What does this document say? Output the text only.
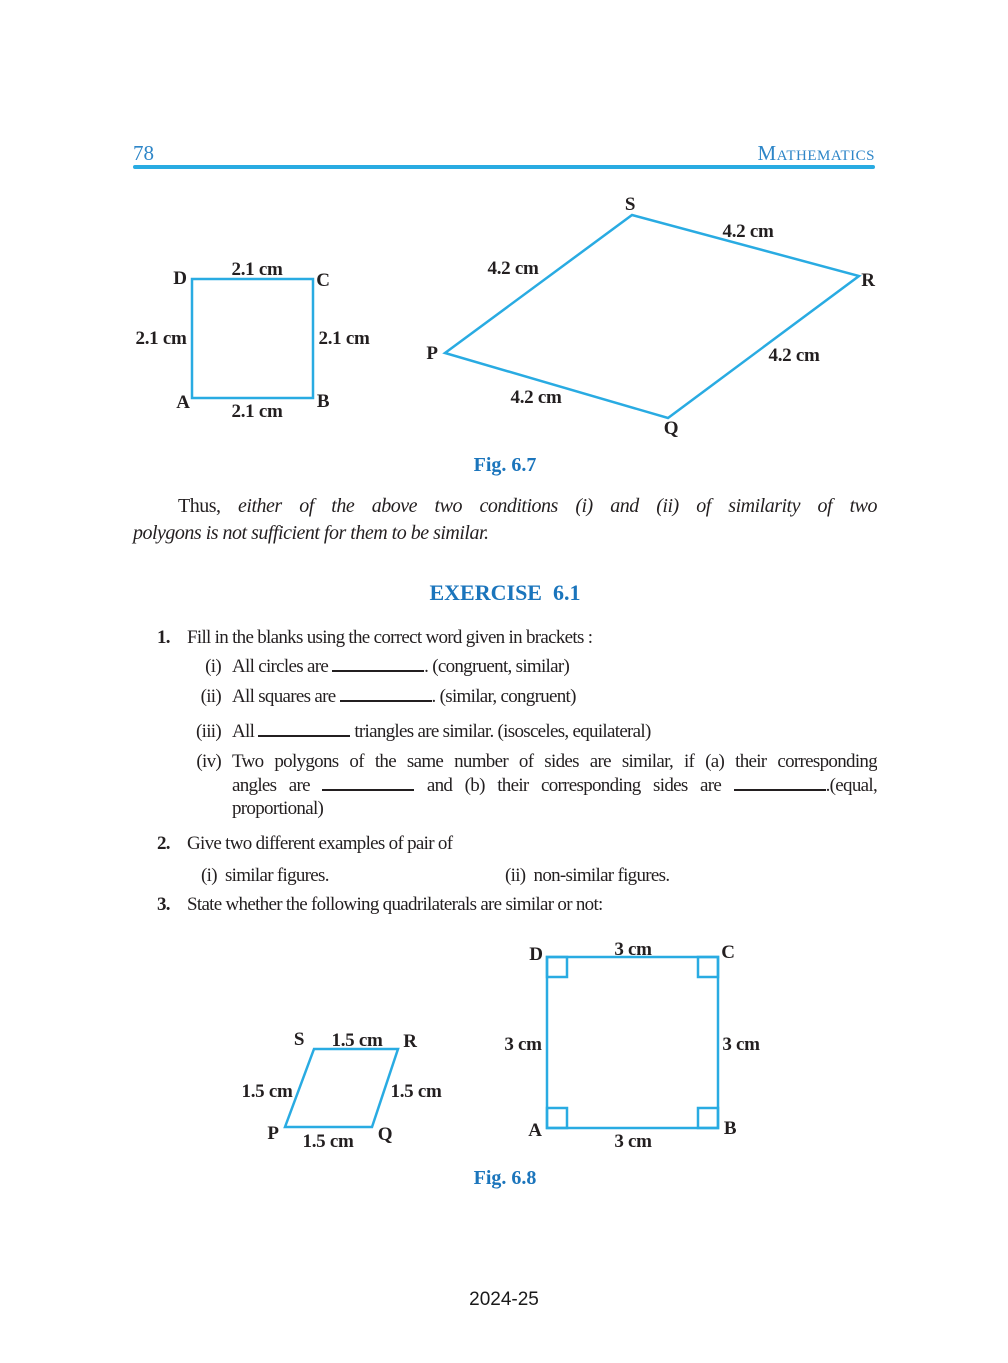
78	Mathematics
D 2.1 cm
C
2.1 cm	2.1 cm
A	B
2.1 cm
S
4.2 cm
R
4.2 cm
P	4.2 cm
4.2 cm
Q
Fig. 6.7
Thus, either of the above two conditions (i) and (ii) of similarity of two
polygons is not sufficient for them to be similar.
EXERCISE  6.1
1. Fill in the blanks using the correct word given in brackets :
(i) All circles are	. (congruent, similar)
(ii) All squares are	. (similar, congruent)
(iii) All	triangles are similar. (isosceles, equilateral)
(iv) Two polygons of the same number of sides are similar, if (a) their corresponding
angles are	and (b) their corresponding sides are	.(equal,
proportional)
2. Give two different examples of pair of
(i) similar figures.	(ii) non-similar figures.
3. State whether the following quadrilaterals are similar or not:
S 1.5 cm R
1.5 cm	1.5 cm
P 1.5 cm Q
D	3 cm	C
3 cm	3 cm
A	B
3 cm
Fig. 6.8
2024-25
